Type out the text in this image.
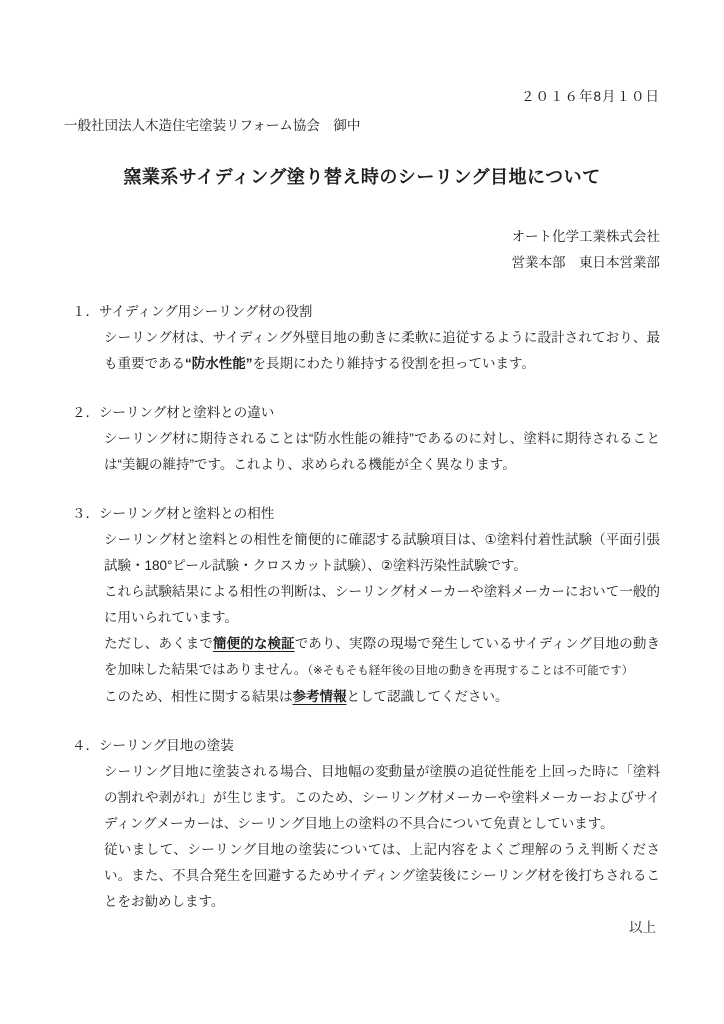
２０１６年8月１０日
一般社団法人木造住宅塗装リフォーム協会　御中
窯業系サイディング塗り替え時のシーリング目地について
オート化学工業株式会社
営業本部　東日本営業部
１．サイディング用シーリング材の役割

シーリング材は、サイディング外壁目地の動きに柔軟に追従するように設計されており、最も重要である“防水性能”を長期にわたり維持する役割を担っています。

２．シーリング材と塗料との違い

シーリング材に期待されることは“防水性能の維持”であるのに対し、塗料に期待されることは“美観の維持”です。これより、求められる機能が全く異なります。

３．シーリング材と塗料との相性

シーリング材と塗料との相性を簡便的に確認する試験項目は、①塗料付着性試験（平面引張試験・180°ピール試験・クロスカット試験）、②塗料汚染性試験です。

これら試験結果による相性の判断は、シーリング材メーカーや塗料メーカーにおいて一般的に用いられています。

ただし、あくまで簡便的な検証であり、実際の現場で発生しているサイディング目地の動きを加味した結果ではありません。（※そもそも経年後の目地の動きを再現することは不可能です）

このため、相性に関する結果は参考情報として認識してください。

４．シーリング目地の塗装

シーリング目地に塗装される場合、目地幅の変動量が塗膜の追従性能を上回った時に「塗料の割れや剥がれ」が生じます。このため、シーリング材メーカーや塗料メーカーおよびサイディングメーカーは、シーリング目地上の塗料の不具合について免責としています。

従いまして、シーリング目地の塗装については、上記内容をよくご理解のうえ判断ください。また、不具合発生を回避するためサイディング塗装後にシーリング材を後打ちされることをお勧めします。

以上
